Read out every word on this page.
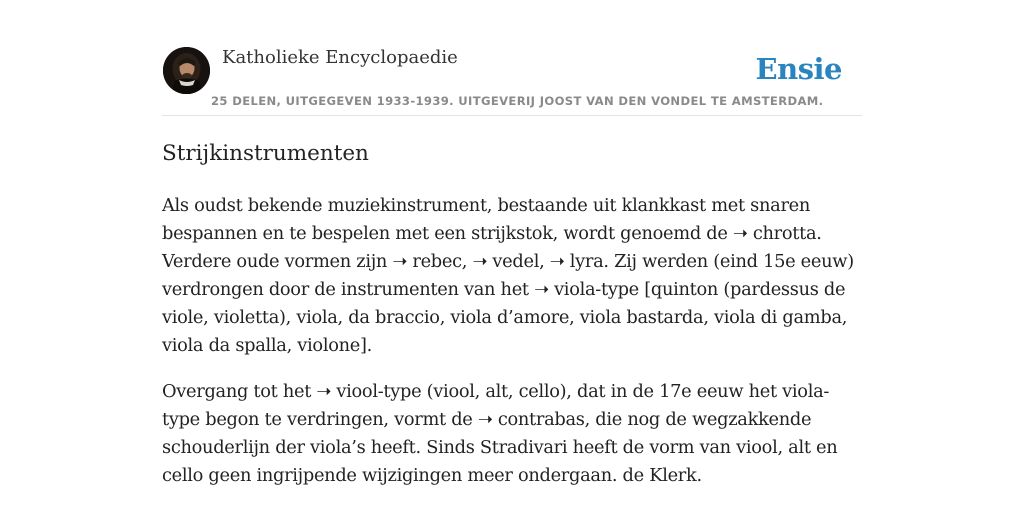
Katholieke Encyclopaedie	Ensie
25 DELEN, UITGEGEVEN 1933-1939. UITGEVERIJ JOOST VAN DEN VONDEL TE AMSTERDAM.
Strijkinstrumenten

Als oudst bekende muziekinstrument, bestaande uit klankkast met snaren
bespannen en te bespelen met een strijkstok, wordt genoemd de ➝ chrotta.
Verdere oude vormen zijn ➝ rebec, ➝ vedel, ➝ lyra. Zij werden (eind 15e eeuw)
verdrongen door de instrumenten van het ➝ viola-type [quinton (pardessus de
viole, violetta), viola, da braccio, viola d’amore, viola bastarda, viola di gamba,
viola da spalla, violone].

Overgang tot het ➝ viool-type (viool, alt, cello), dat in de 17e eeuw het viola-
type begon te verdringen, vormt de ➝ contrabas, die nog de wegzakkende
schouderlijn der viola’s heeft. Sinds Stradivari heeft de vorm van viool, alt en
cello geen ingrijpende wijzigingen meer ondergaan. de Klerk.
